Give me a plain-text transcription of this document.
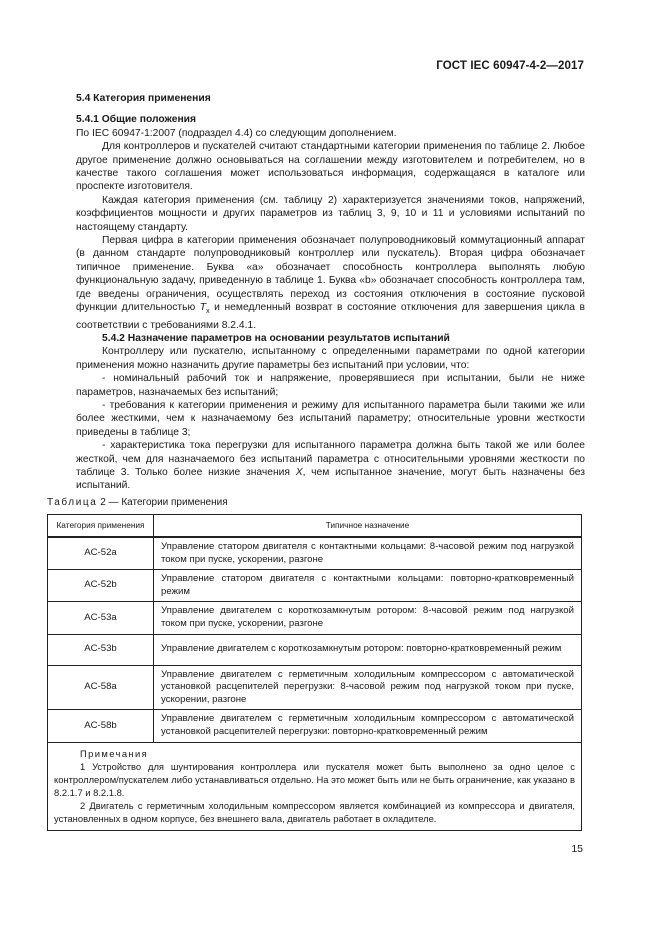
ГОСТ IEC 60947-4-2—2017
5.4 Категория применения
5.4.1 Общие положения

По IEC 60947-1:2007 (подраздел 4.4) со следующим дополнением.

Для контроллеров и пускателей считают стандартными категории применения по таблице 2. Любое другое применение должно основываться на соглашении между изготовителем и потребителем, но в качестве такого соглашения может использоваться информация, содержащаяся в каталоге или проспекте изготовителя.

Каждая категория применения (см. таблицу 2) характеризуется значениями токов, напряжений, коэффициентов мощности и других параметров из таблиц 3, 9, 10 и 11 и условиями испытаний по настоящему стандарту.

Первая цифра в категории применения обозначает полупроводниковый коммутационный аппарат (в данном стандарте полупроводниковый контроллер или пускатель). Вторая цифра обозначает типичное применение. Буква «a» обозначает способность контроллера выполнять любую функциональную задачу, приведенную в таблице 1. Буква «b» обозначает способность контроллера там, где введены ограничения, осуществлять переход из состояния отключения в состояние пусковой функции длительностью $T_x$ и немедленный возврат в состояние отключения для завершения цикла в соответствии с требованиями 8.2.4.1.

5.4.2 Назначение параметров на основании результатов испытаний

Контроллеру или пускателю, испытанному с определенными параметрами по одной категории применения можно назначить другие параметры без испытаний при условии, что:

- номинальный рабочий ток и напряжение, проверявшиеся при испытании, были не ниже параметров, назначаемых без испытаний;

- требования к категории применения и режиму для испытанного параметра были такими же или более жесткими, чем к назначаемому без испытаний параметру; относительные уровни жесткости приведены в таблице 3;

- характеристика тока перегрузки для испытанного параметра должна быть такой же или более жесткой, чем для назначаемого без испытаний параметра с относительными уровнями жесткости по таблице 3. Только более низкие значения X, чем испытанное значение, могут быть назначены без испытаний.

Таблица 2 — Категории применения
Категория применения	Типичное назначение
AC-52a	Управление статором двигателя с контактными кольцами: 8-часовой режим под нагрузкой током при пуске, ускорении, разгоне
AC-52b	Управление статором двигателя с контактными кольцами: повторно-кратковременный режим
AC-53a	Управление двигателем с короткозамкнутым ротором: 8-часовой режим под нагрузкой током при пуске, ускорении, разгоне
AC-53b	Управление двигателем с короткозамкнутым ротором: повторно-кратковременный режим
AC-58a	Управление двигателем с герметичным холодильным компрессором с автоматической установкой расцепителей перегрузки: 8-часовой режим под нагрузкой током при пуске, ускорении, разгоне
AC-58b	Управление двигателем с герметичным холодильным компрессором с автоматической установкой расцепителей перегрузки: повторно-кратковременный режим

Примечания
1 Устройство для шунтирования контроллера или пускателя может быть выполнено за одно целое с контроллером/пускателем либо устанавливаться отдельно. На это может быть или не быть ограничение, как указано в 8.2.1.7 и 8.2.1.8.
2 Двигатель с герметичным холодильным компрессором является комбинацией из компрессора и двигателя, установленных в одном корпусе, без внешнего вала, двигатель работает в охладителе.	
15
